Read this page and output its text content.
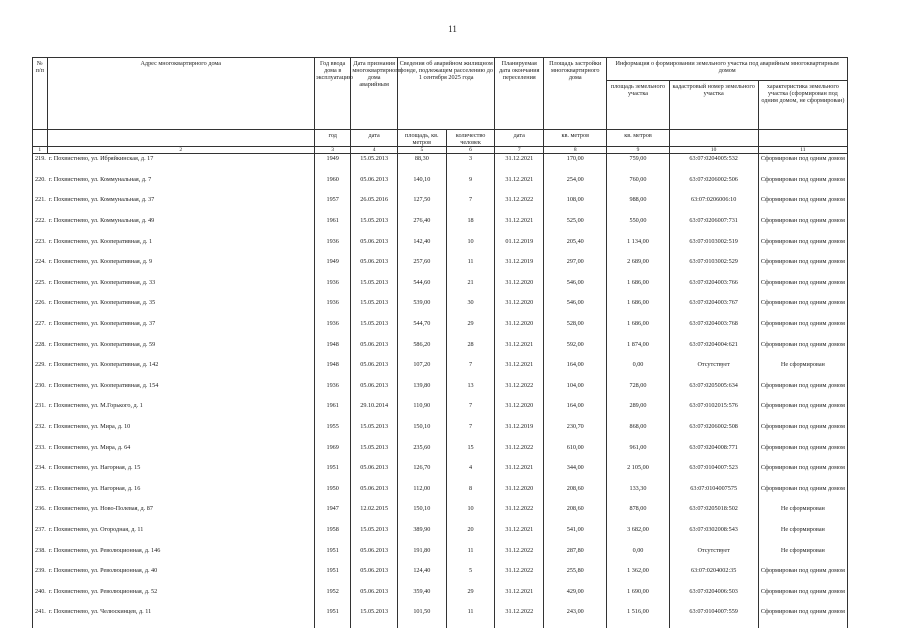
11
№
п/п	Адрес многоквартирного дома	Год ввода дома в эксплуатацию	Дата признания многоквартирного дома аварийным	Сведения об аварийном жилищном фонде, подлежащем расселению до 1 сентября 2025 года		Планируемая дата окончания переселения	Площадь застройки многоквартирного дома	Информация о формировании земельного участка под аварийным многоквартирным домом		
								площадь земельного участка	кадастровый номер земельного участка	характеристика земельного участка (сформирован под одним домом, не сформирован)
		год	дата	площадь, кв. метров	количество человек	дата	кв. метров	кв. метров		
1	2	3	4	5	6	7	8	9	10	11
	219. г. Похвистнево, ул. Ибряйкинская, д. 17	1949	15.05.2013	88,30	3	31.12.2021	170,00	759,00	63:07:0204005:532	Сформирован под одним домом
	220. г. Похвистнево, ул. Коммунальная, д. 7	1960	05.06.2013	140,10	9	31.12.2021	254,00	760,00	63:07:0206002:506	Сформирован под одним домом
	221. г. Похвистнево, ул. Коммунальная, д. 37	1957	26.05.2016	127,50	7	31.12.2022	108,00	988,00	63:07:0206006:10	Сформирован под одним домом
	222. г. Похвистнево, ул. Коммунальная, д. 49	1961	15.05.2013	276,40	18	31.12.2021	525,00	550,00	63:07:0206007:731	Сформирован под одним домом
	223. г. Похвистнево, ул. Кооперативная, д. 1	1936	05.06.2013	142,40	10	01.12.2019	205,40	1 134,00	63:07:0103002:519	Сформирован под одним домом
	224. г. Похвистнево, ул. Кооперативная, д. 9	1949	05.06.2013	257,60	11	31.12.2019	297,00	2 689,00	63:07:0103002:529	Сформирован под одним домом
	225. г. Похвистнево, ул. Кооперативная, д. 33	1936	15.05.2013	544,60	21	31.12.2020	546,00	1 686,00	63:07:0204003:766	Сформирован под одним домом
	226. г. Похвистнево, ул. Кооперативная, д. 35	1936	15.05.2013	539,00	30	31.12.2020	546,00	1 686,00	63:07:0204003:767	Сформирован под одним домом
	227. г. Похвистнево, ул. Кооперативная, д. 37	1936	15.05.2013	544,70	29	31.12.2020	528,00	1 686,00	63:07:0204003:768	Сформирован под одним домом
	228. г. Похвистнево, ул. Кооперативная, д. 59	1948	05.06.2013	586,20	28	31.12.2021	592,00	1 874,00	63:07:0204004:621	Сформирован под одним домом
	229. г. Похвистнево, ул. Кооперативная, д. 142	1948	05.06.2013	107,20	7	31.12.2021	164,00	0,00	Отсутствует	Не сформирован
	230. г. Похвистнево, ул. Кооперативная, д. 154	1936	05.06.2013	139,80	13	31.12.2022	104,00	728,00	63:07:0205005:634	Сформирован под одним домом
	231. г. Похвистнево, ул. М.Горького, д. 1	1961	29.10.2014	110,90	7	31.12.2020	164,00	289,00	63:07:0102015:576	Сформирован под одним домом
	232. г. Похвистнево, ул. Мира, д. 10	1955	15.05.2013	150,10	7	31.12.2019	230,70	868,00	63:07:0206002:508	Сформирован под одним домом
	233. г. Похвистнево, ул. Мира, д. 64	1969	15.05.2013	235,60	15	31.12.2022	610,00	961,00	63:07:0204008:771	Сформирован под одним домом
	234. г. Похвистнево, ул. Нагорная, д. 15	1951	05.06.2013	126,70	4	31.12.2021	344,00	2 105,00	63:07:0104007:523	Сформирован под одним домом
	235. г. Похвистнево, ул. Нагорная, д. 16	1950	05.06.2013	112,00	8	31.12.2020	208,60	133,30	63:07:0104007575	Сформирован под одним домом
	236. г. Похвистнево, ул. Ново-Полевая, д. 87	1947	12.02.2015	150,10	10	31.12.2022	208,60	878,00	63:07:0205018:502	Не сформирован
	237. г. Похвистнево, ул. Огородная, д. 11	1958	15.05.2013	389,90	20	31.12.2021	541,00	3 682,00	63:07:0302008:543	Не сформирован
	238. г. Похвистнево, ул. Революционная, д. 146	1951	05.06.2013	191,80	11	31.12.2022	287,80	0,00	Отсутствует	Не сформирован
	239. г. Похвистнево, ул. Революционная, д. 40	1951	05.06.2013	124,40	5	31.12.2022	255,80	1 362,00	63:07:0204002:35	Сформирован под одним домом
	240. г. Похвистнево, ул. Революционная, д. 52	1952	05.06.2013	359,40	29	31.12.2021	429,00	1 690,00	63:07:0204006:503	Сформирован под одним домом
	241. г. Похвистнево, ул. Челюскинцев, д. 11	1951	15.05.2013	101,50	11	31.12.2022	243,00	1 516,00	63:07:0104007:559	Сформирован под одним домом
